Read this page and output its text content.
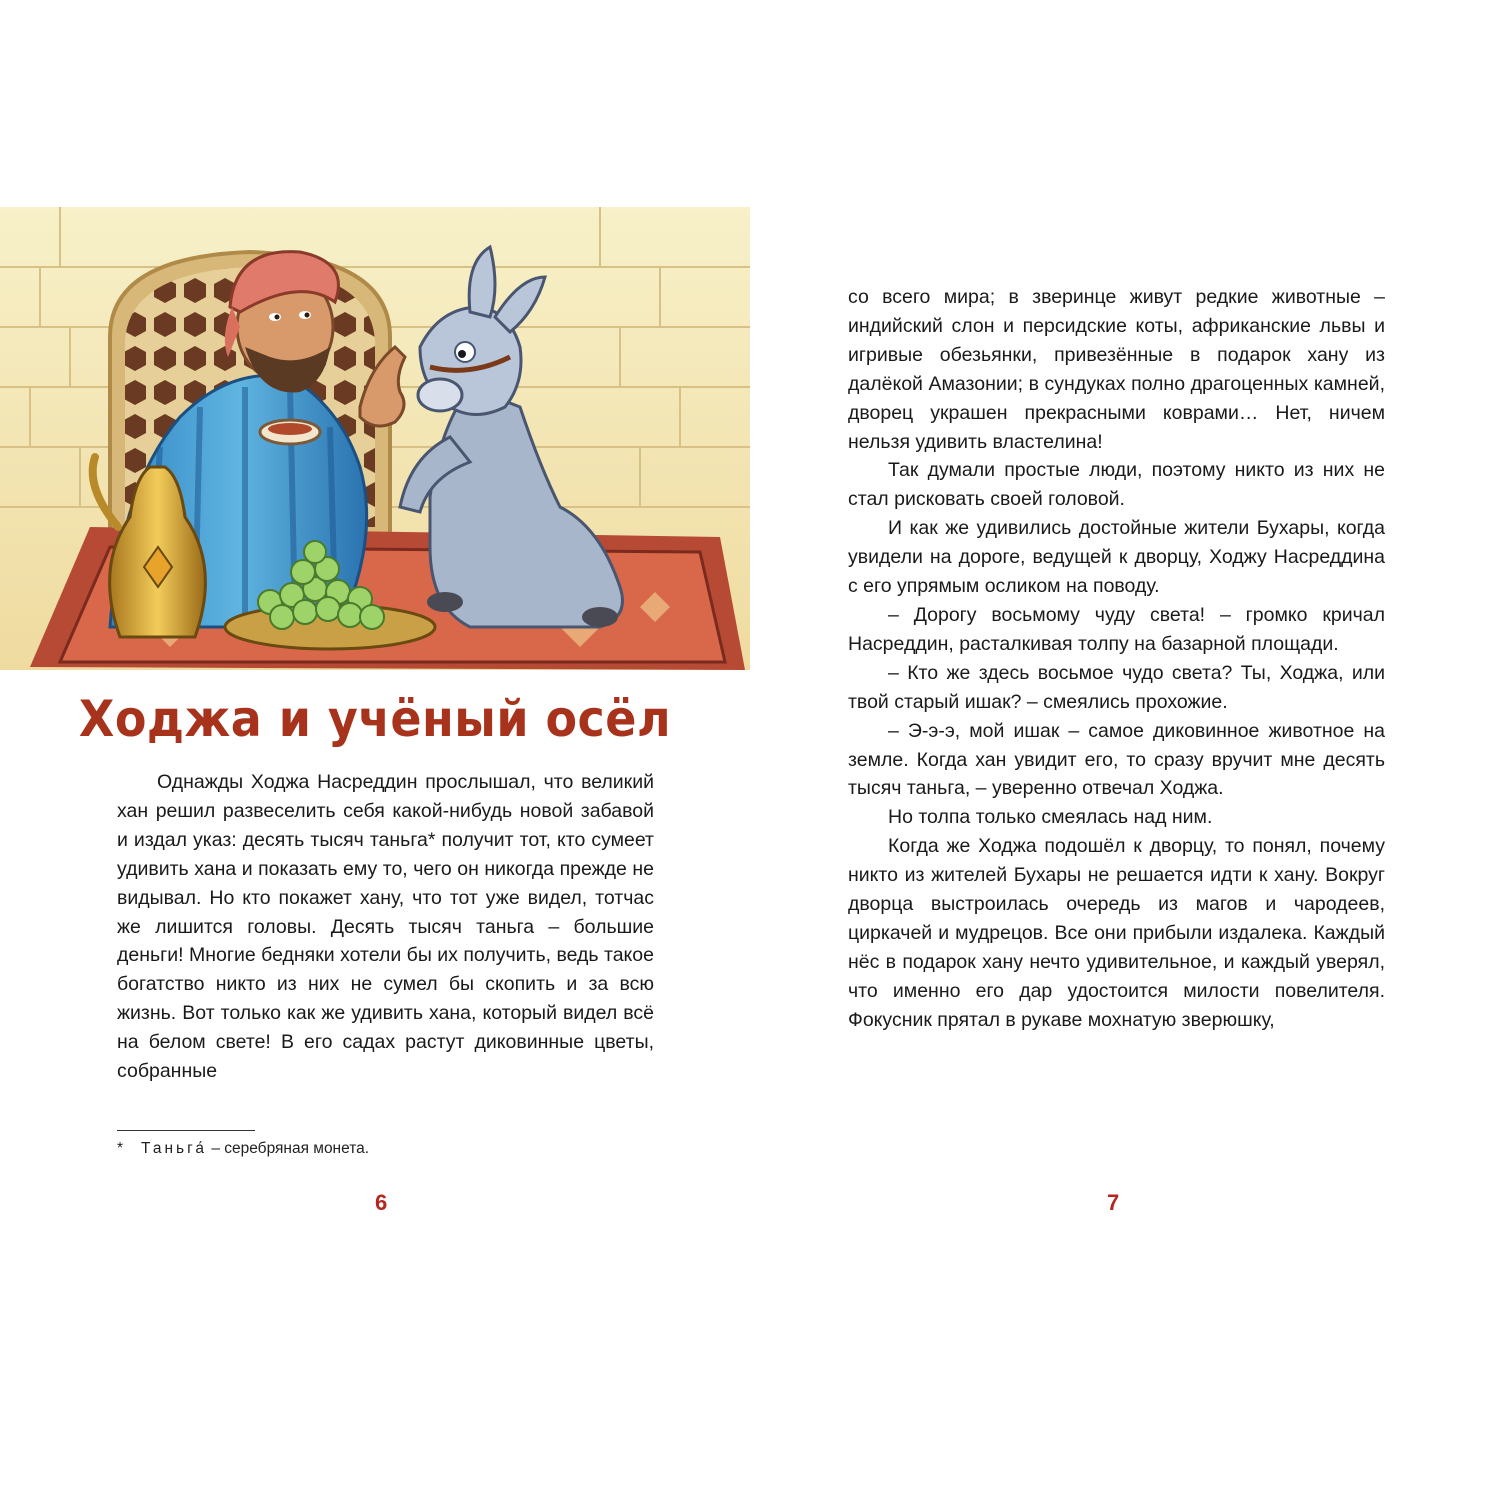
Ходжа и учёный осёл

Однажды Ходжа Насреддин прослышал, что великий хан решил развеселить себя какой-нибудь новой забавой и издал указ: десять тысяч таньга* получит тот, кто сумеет удивить хана и показать ему то, чего он никогда прежде не видывал. Но кто покажет хану, что тот уже видел, тотчас же лишится головы. Десять тысяч таньга – большие деньги! Многие бедняки хотели бы их получить, ведь такое богатство никто из них не сумел бы скопить и за всю жизнь. Вот только как же удивить хана, который видел всё на белом свете! В его садах растут диковинные цветы, собранные

* Таньга́ – серебряная монета.
6

со всего мира; в зверинце живут редкие животные – индийский слон и персидские коты, африканские львы и игривые обезьянки, привезённые в подарок хану из далёкой Амазонии; в сундуках полно драгоценных камней, дворец украшен прекрасными коврами… Нет, ничем нельзя удивить властелина!

Так думали простые люди, поэтому никто из них не стал рисковать своей головой.

И как же удивились достойные жители Бухары, когда увидели на дороге, ведущей к дворцу, Ходжу Насреддина с его упрямым осликом на поводу.

– Дорогу восьмому чуду света! – громко кричал Насреддин, расталкивая толпу на базарной площади.

– Кто же здесь восьмое чудо света? Ты, Ходжа, или твой старый ишак? – смеялись прохожие.

– Э-э-э, мой ишак – самое диковинное животное на земле. Когда хан увидит его, то сразу вручит мне десять тысяч таньга, – уверенно отвечал Ходжа.

Но толпа только смеялась над ним.

Когда же Ходжа подошёл к дворцу, то понял, почему никто из жителей Бухары не решается идти к хану. Вокруг дворца выстроилась очередь из магов и чародеев, циркачей и мудрецов. Все они прибыли издалека. Каждый нёс в подарок хану нечто удивительное, и каждый уверял, что именно его дар удостоится милости повелителя. Фокусник прятал в рукаве мохнатую зверюшку,

7
